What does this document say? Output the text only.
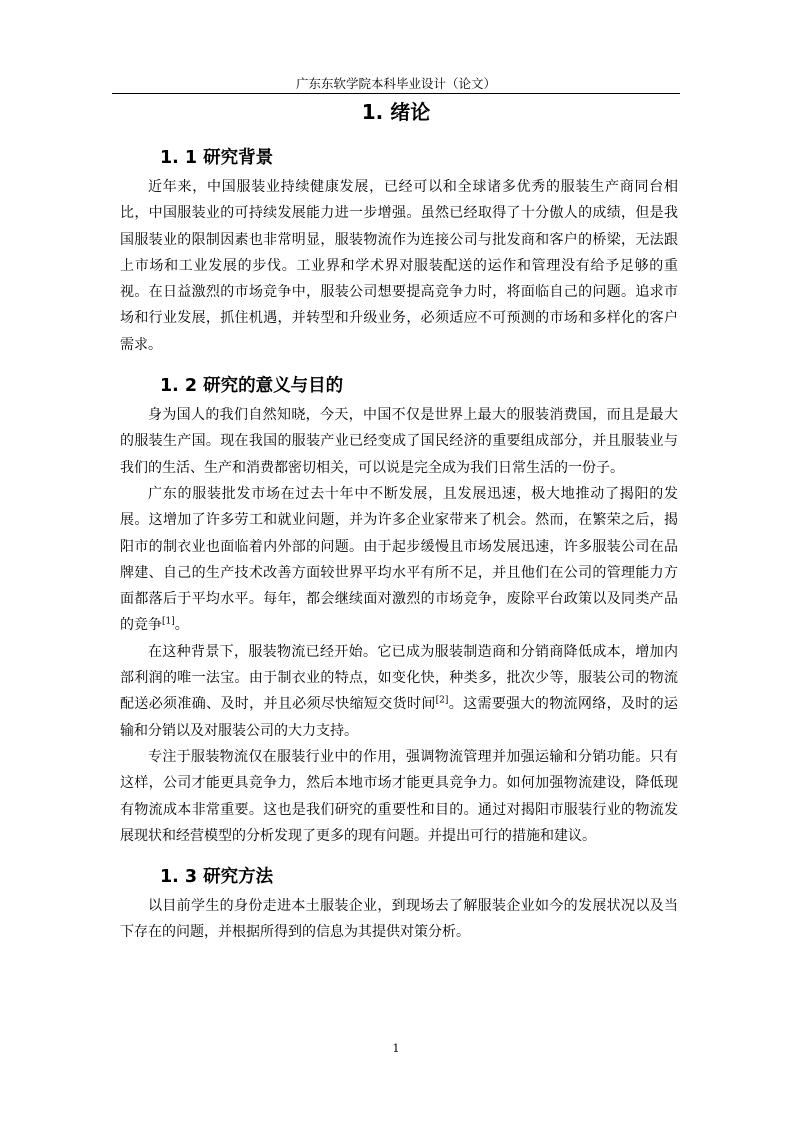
广东东软学院本科毕业设计（论文）
1. 绪论
1. 1 研究背景

近年来，中国服装业持续健康发展，已经可以和全球诸多优秀的服装生产商同台相比，中国服装业的可持续发展能力进一步增强。虽然已经取得了十分傲人的成绩，但是我国服装业的限制因素也非常明显，服装物流作为连接公司与批发商和客户的桥梁，无法跟上市场和工业发展的步伐。工业界和学术界对服装配送的运作和管理没有给予足够的重视。在日益激烈的市场竞争中，服装公司想要提高竞争力时，将面临自己的问题。追求市场和行业发展，抓住机遇，并转型和升级业务，必须适应不可预测的市场和多样化的客户需求。

1. 2 研究的意义与目的

身为国人的我们自然知晓，今天，中国不仅是世界上最大的服装消费国，而且是最大的服装生产国。现在我国的服装产业已经变成了国民经济的重要组成部分，并且服装业与我们的生活、生产和消费都密切相关，可以说是完全成为我们日常生活的一份子。

广东的服装批发市场在过去十年中不断发展，且发展迅速，极大地推动了揭阳的发展。这增加了许多劳工和就业问题，并为许多企业家带来了机会。然而，在繁荣之后，揭阳市的制衣业也面临着内外部的问题。由于起步缓慢且市场发展迅速，许多服装公司在品牌建、自己的生产技术改善方面较世界平均水平有所不足，并且他们在公司的管理能力方面都落后于平均水平。每年，都会继续面对激烈的市场竞争，废除平台政策以及同类产品的竞争[1]。

在这种背景下，服装物流已经开始。它已成为服装制造商和分销商降低成本，增加内部利润的唯一法宝。由于制衣业的特点，如变化快，种类多，批次少等，服装公司的物流配送必须准确、及时，并且必须尽快缩短交货时间[2]。这需要强大的物流网络，及时的运输和分销以及对服装公司的大力支持。

专注于服装物流仅在服装行业中的作用，强调物流管理并加强运输和分销功能。只有这样，公司才能更具竞争力，然后本地市场才能更具竞争力。如何加强物流建设，降低现有物流成本非常重要。这也是我们研究的重要性和目的。通过对揭阳市服装行业的物流发展现状和经营模型的分析发现了更多的现有问题。并提出可行的措施和建议。

1. 3 研究方法

以目前学生的身份走进本土服装企业，到现场去了解服装企业如今的发展状况以及当下存在的问题，并根据所得到的信息为其提供对策分析。

1
